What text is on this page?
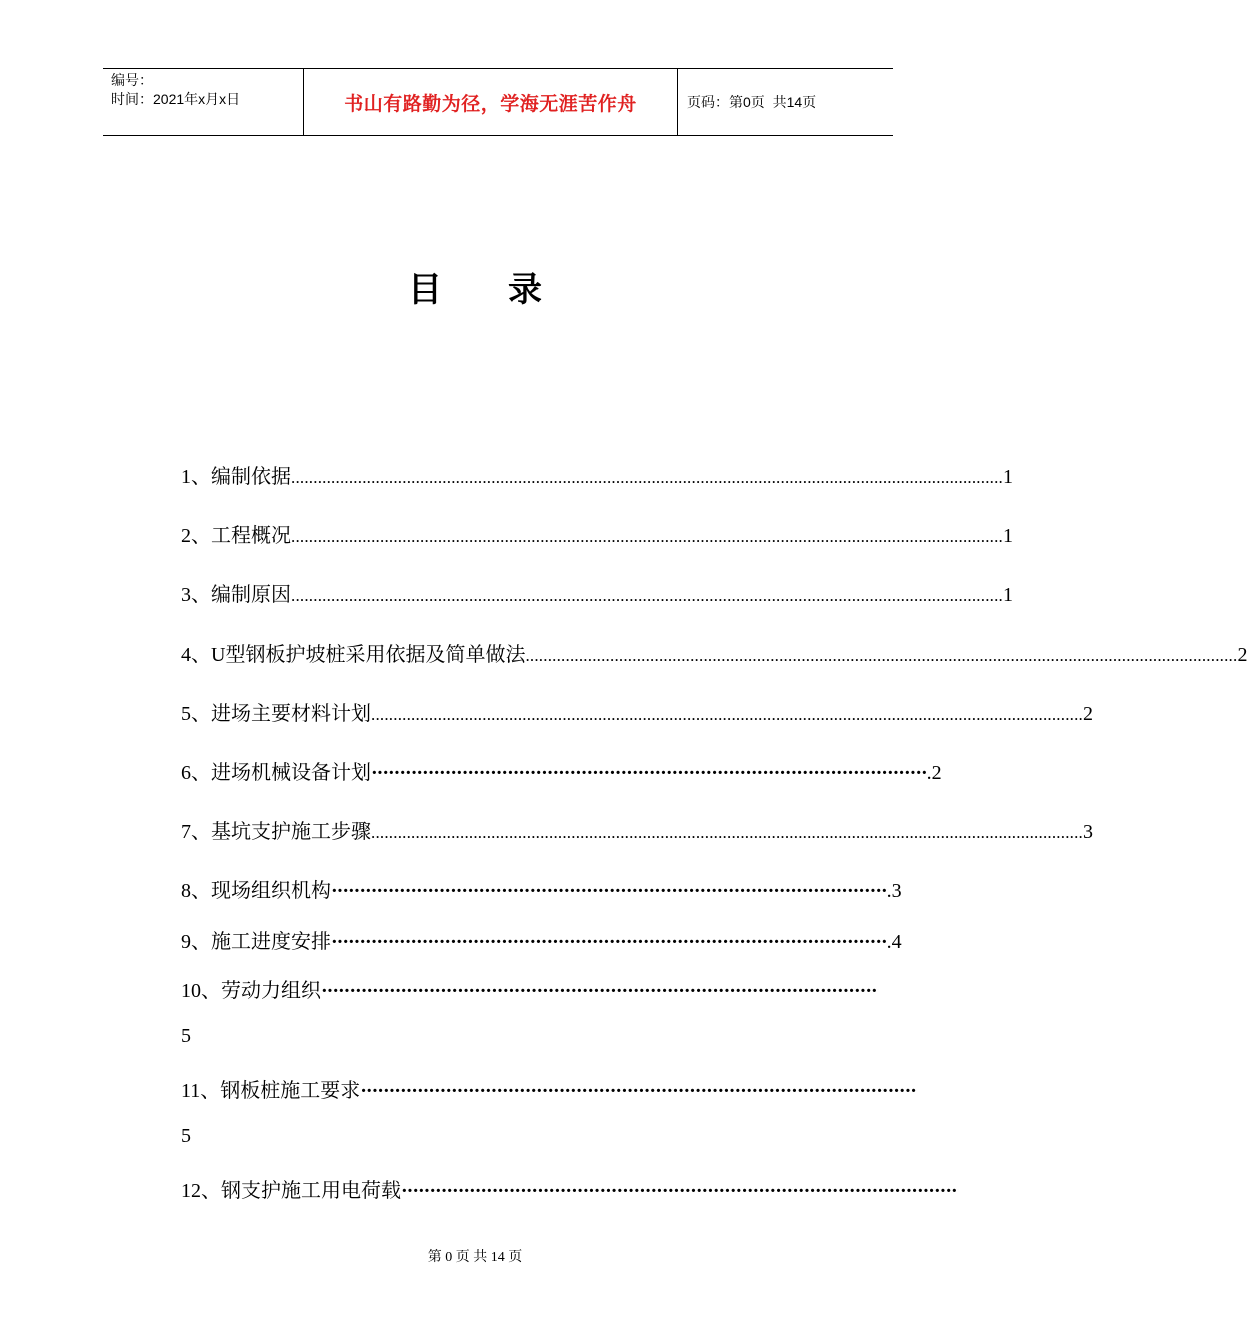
编号：
时间：2021年x月x日	书山有路勤为径，学海无涯苦作舟	页码：第0页  共14页
目 录
1、编制依据 ................................................................................................................................................................ 1
2、工程概况 ................................................................................................................................................................ 1
3、编制原因 ................................................................................................................................................................ 1
4、U型钢板护坡桩采用依据及简单做法 ................................................................................................................................................................ 2
5、进场主要材料计划 ................................................................................................................................................................ 2
6、进场机械设备计划 ·································································································· .2
7、基坑支护施工步骤 ................................................................................................................................................................ 3
8、现场组织机构 ·································································································· .3
9、施工进度安排 ·································································································· .4
10、劳动力组织 ··································································································
5
11、钢板桩施工要求 ··································································································
5
12、钢支护施工用电荷载 ··································································································
第 0 页 共 14 页
